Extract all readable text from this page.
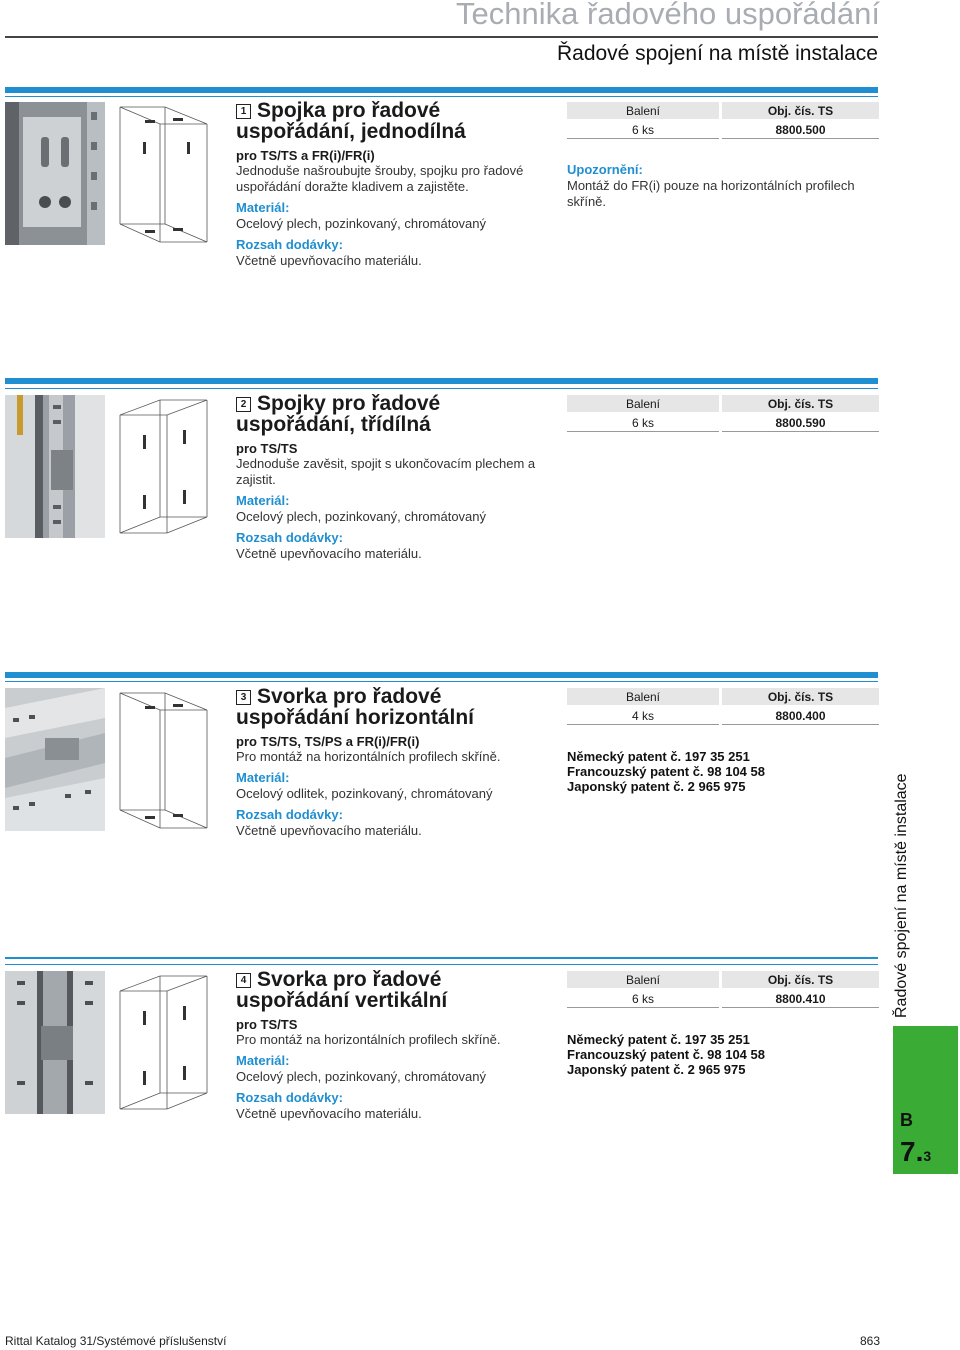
Technika řadového uspořádání
Řadové spojení na místě instalace
1 Spojka pro řadové uspořádání, jednodílná
pro TS/TS a FR(i)/FR(i)
Jednoduše našroubujte šrouby, spojku pro řadové uspořádání doražte kladivem a zajistěte.
Materiál:
Ocelový plech, pozinkovaný, chromátovaný
Rozsah dodávky:
Včetně upevňovacího materiálu.
Balení	Obj. čís. TS
6 ks	8800.500
Upozornění:
Montáž do FR(i) pouze na horizontálních profilech skříně.
2 Spojky pro řadové uspořádání, třídílná
pro TS/TS
Jednoduše zavěsit, spojit s ukončovacím plechem a zajistit.
Materiál:
Ocelový plech, pozinkovaný, chromátovaný
Rozsah dodávky:
Včetně upevňovacího materiálu.
Balení	Obj. čís. TS
6 ks	8800.590
3 Svorka pro řadové uspořádání horizontální
pro TS/TS, TS/PS a FR(i)/FR(i)
Pro montáž na horizontálních profilech skříně.
Materiál:
Ocelový odlitek, pozinkovaný, chromátovaný
Rozsah dodávky:
Včetně upevňovacího materiálu.
Balení	Obj. čís. TS
4 ks	8800.400
Německý patent č. 197 35 251
Francouzský patent č. 98 104 58
Japonský patent č. 2 965 975
4 Svorka pro řadové uspořádání vertikální
pro TS/TS
Pro montáž na horizontálních profilech skříně.
Materiál:
Ocelový plech, pozinkovaný, chromátovaný
Rozsah dodávky:
Včetně upevňovacího materiálu.
Balení	Obj. čís. TS
6 ks	8800.410
Německý patent č. 197 35 251
Francouzský patent č. 98 104 58
Japonský patent č. 2 965 975
Řadové spojení na místě instalace
B
7.3
Rittal Katalog 31/Systémové příslušenství	863
